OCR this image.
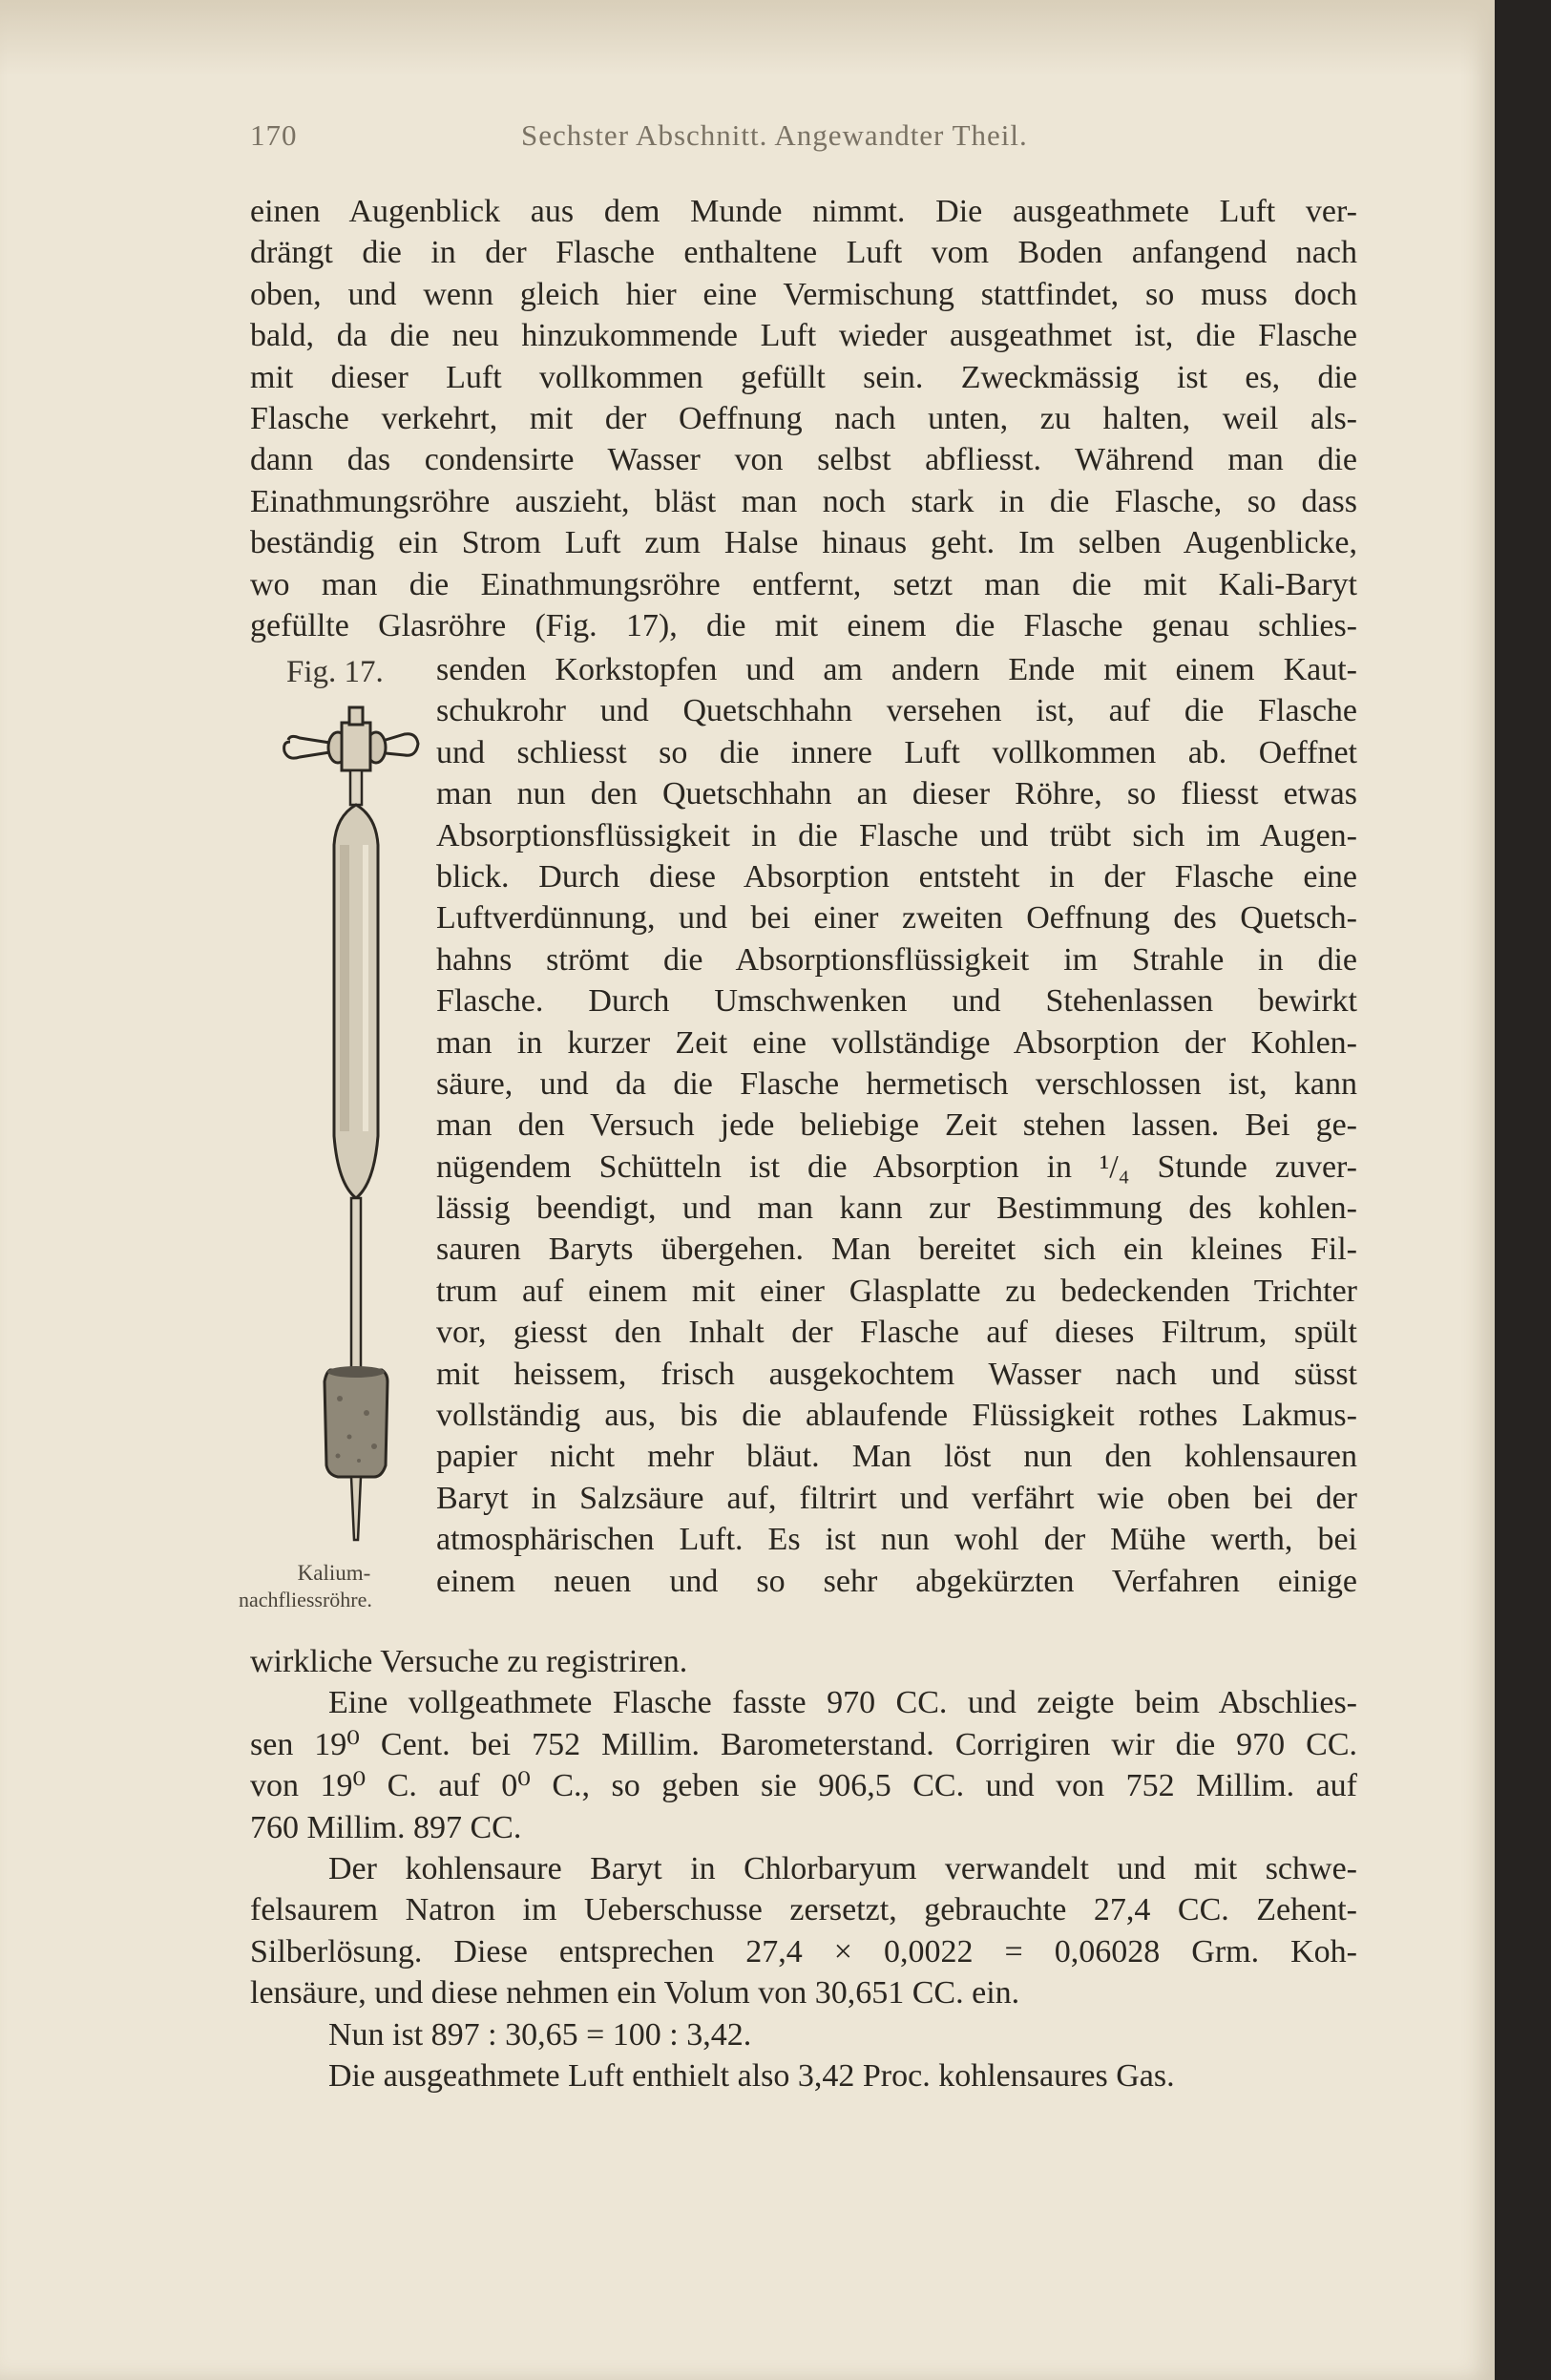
170	Sechster Abschnitt. Angewandter Theil.
einen Augenblick aus dem Munde nimmt. Die ausgeathmete Luft ver-
drängt die in der Flasche enthaltene Luft vom Boden anfangend nach
oben, und wenn gleich hier eine Vermischung stattfindet, so muss doch
bald, da die neu hinzukommende Luft wieder ausgeathmet ist, die Flasche
mit dieser Luft vollkommen gefüllt sein. Zweckmässig ist es, die
Flasche verkehrt, mit der Oeffnung nach unten, zu halten, weil als-
dann das condensirte Wasser von selbst abfliesst. Während man die
Einathmungsröhre auszieht, bläst man noch stark in die Flasche, so dass
beständig ein Strom Luft zum Halse hinaus geht. Im selben Augenblicke,
wo man die Einathmungsröhre entfernt, setzt man die mit Kali-Baryt
gefüllte Glasröhre (Fig. 17), die mit einem die Flasche genau schlies-
Fig. 17.
Kalium-
nachfliessröhre.
senden Korkstopfen und am andern Ende mit einem Kaut-
schukrohr und Quetschhahn versehen ist, auf die Flasche
und schliesst so die innere Luft vollkommen ab. Oeffnet
man nun den Quetschhahn an dieser Röhre, so fliesst etwas
Absorptionsflüssigkeit in die Flasche und trübt sich im Augen-
blick. Durch diese Absorption entsteht in der Flasche eine
Luftverdünnung, und bei einer zweiten Oeffnung des Quetsch-
hahns strömt die Absorptionsflüssigkeit im Strahle in die
Flasche. Durch Umschwenken und Stehenlassen bewirkt
man in kurzer Zeit eine vollständige Absorption der Kohlen-
säure, und da die Flasche hermetisch verschlossen ist, kann
man den Versuch jede beliebige Zeit stehen lassen. Bei ge-
nügendem Schütteln ist die Absorption in ¹/₄ Stunde zuver-
lässig beendigt, und man kann zur Bestimmung des kohlen-
sauren Baryts übergehen. Man bereitet sich ein kleines Fil-
trum auf einem mit einer Glasplatte zu bedeckenden Trichter
vor, giesst den Inhalt der Flasche auf dieses Filtrum, spült
mit heissem, frisch ausgekochtem Wasser nach und süsst
vollständig aus, bis die ablaufende Flüssigkeit rothes Lakmus-
papier nicht mehr bläut. Man löst nun den kohlensauren
Baryt in Salzsäure auf, filtrirt und verfährt wie oben bei der
atmosphärischen Luft. Es ist nun wohl der Mühe werth, bei
einem neuen und so sehr abgekürzten Verfahren einige
wirkliche Versuche zu registriren.
Eine vollgeathmete Flasche fasste 970 CC. und zeigte beim Abschlies-
sen 19⁰ Cent. bei 752 Millim. Barometerstand. Corrigiren wir die 970 CC.
von 19⁰ C. auf 0⁰ C., so geben sie 906,5 CC. und von 752 Millim. auf
760 Millim. 897 CC.
Der kohlensaure Baryt in Chlorbaryum verwandelt und mit schwe-
felsaurem Natron im Ueberschusse zersetzt, gebrauchte 27,4 CC. Zehent-
Silberlösung. Diese entsprechen 27,4 × 0,0022 = 0,06028 Grm. Koh-
lensäure, und diese nehmen ein Volum von 30,651 CC. ein.
Nun ist 897 : 30,65 = 100 : 3,42.
Die ausgeathmete Luft enthielt also 3,42 Proc. kohlensaures Gas.
